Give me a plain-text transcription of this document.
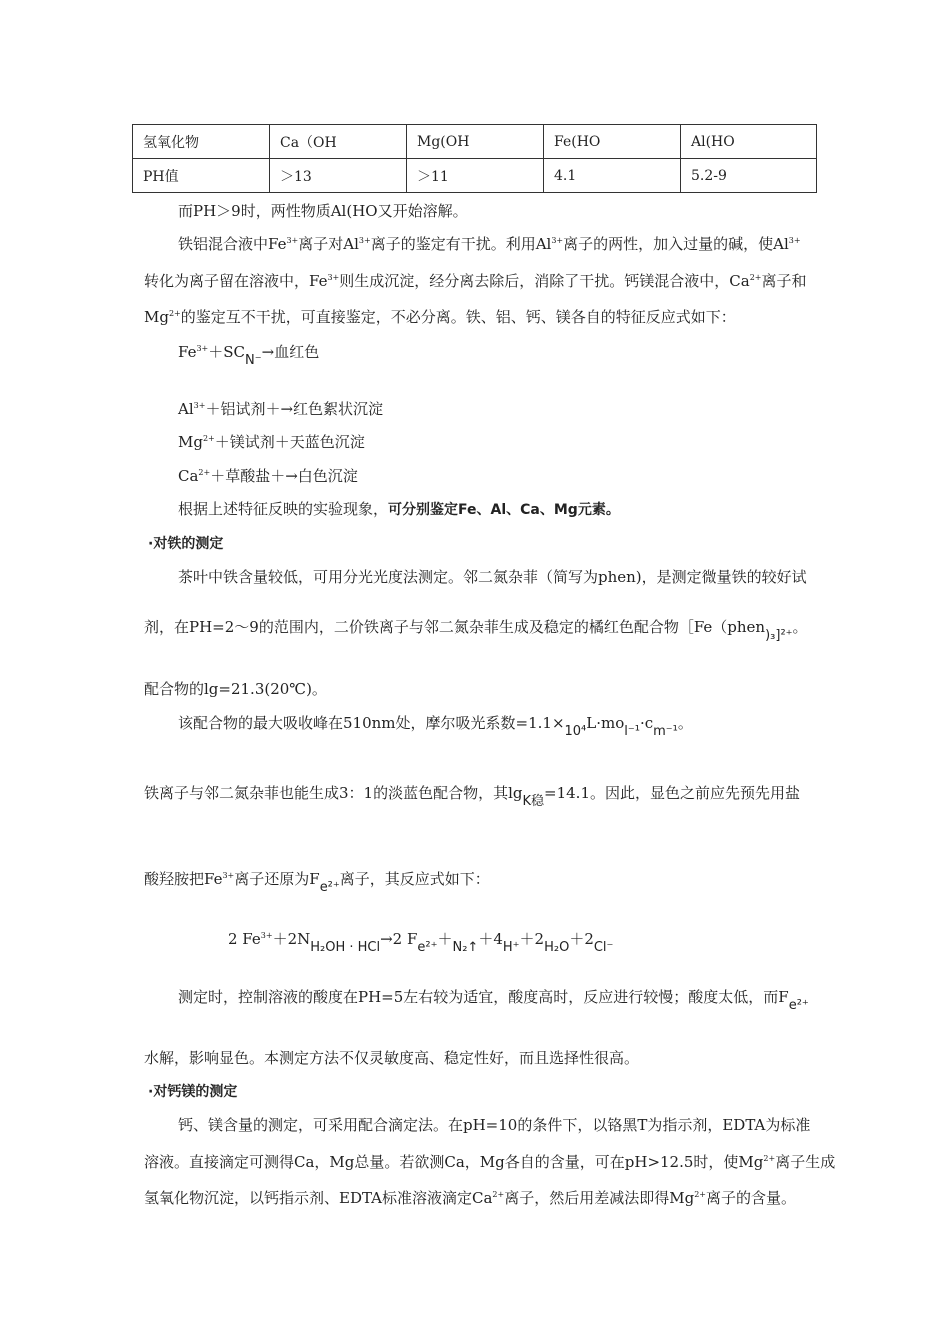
氢氧化物	Ca（OH	Mg(OH	Fe(HO	Al(HO
PH值	＞13	＞11	4.1	5.2-9
而PH＞9时，两性物质Al(HO又开始溶解。
铁铝混合液中$Fe^{3+}$离子对$Al^{3+}$离子的鉴定有干扰。利用$Al^{3+}$离子的两性，加入过量的碱，使$Al^{3+}$
转化为离子留在溶液中，$Fe^{3+}$则生成沉淀，经分离去除后，消除了干扰。钙镁混合液中，$Ca^{2+}$离子和
$Mg^{2+}$的鉴定互不干扰，可直接鉴定，不必分离。铁、铝、钙、镁各自的特征反应式如下：
$Fe^{3+}+SCN^-\to$血红色
$Al^{3+}+$铝试剂＋→红色絮状沉淀
$Mg^{2+}+$镁试剂＋天蓝色沉淀
$Ca^{2+}+$草酸盐＋→白色沉淀
根据上述特征反映的实验现象，可分别鉴定Fe、Al、Ca、Mg元素。
·对铁的测定
茶叶中铁含量较低，可用分光光度法测定。邻二氮杂菲（简写为phen)，是测定微量铁的较好试
剂，在PH=2～9的范围内，二价铁离子与邻二氮杂菲生成及稳定的橘红色配合物［Fe（phen)₃]²⁺。
配合物的lg=21.3(20℃)。
该配合物的最大吸收峰在510nm处，摩尔吸光系数=1.1×10⁴L·mol⁻¹·cm⁻¹。
铁离子与邻二氮杂菲也能生成3：1的淡蓝色配合物，其lgK稳=14.1。因此，显色之前应先预先用盐
酸羟胺把$Fe^{3+}$离子还原为Fe²⁺离子，其反应式如下：
2 $Fe^{3+}+2NH_2OH \cdot HCl\to 2$ Fe²⁺＋N₂↑＋4H⁺＋2H₂O＋2Cl⁻
测定时，控制溶液的酸度在PH=5左右较为适宜，酸度高时，反应进行较慢；酸度太低，而Fe²⁺
水解，影响显色。本测定方法不仅灵敏度高、稳定性好，而且选择性很高。
·对钙镁的测定
钙、镁含量的测定，可采用配合滴定法。在pH=10的条件下，以铬黑T为指示剂，EDTA为标准
溶液。直接滴定可测得Ca，Mg总量。若欲测Ca，Mg各自的含量，可在pH>12.5时，使$Mg^{2+}$离子生成
氢氧化物沉淀，以钙指示剂、EDTA标准溶液滴定$Ca^{2+}$离子，然后用差减法即得$Mg^{2+}$离子的含量。
